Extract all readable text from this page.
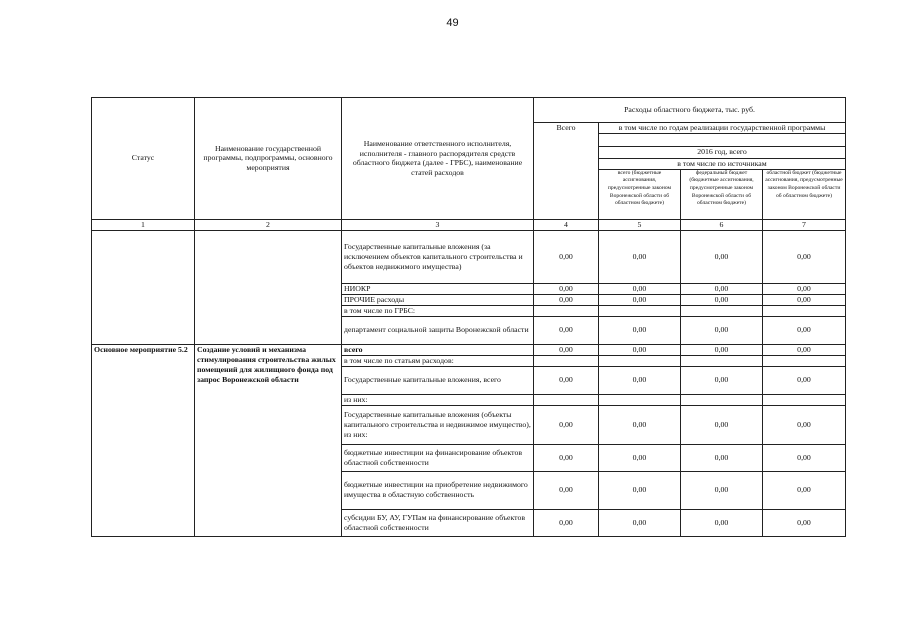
49
Статус	Наименование государственной программы, подпрограммы, основного мероприятия	Наименование ответственного исполнителя, исполнителя - главного распорядителя средств областного бюджета (далее - ГРБС), наименование статей расходов	Расходы областного бюджета, тыс. руб.			
			Всего	в том числе по годам реализации государственной программы		

				2016 год, всего		
				в том числе по источникам		
				всего (бюджетные ассигнования, предусмотренные законом Воронежской области об областном бюджете)	федеральный бюджет (бюджетные ассигнования, предусмотренные законом Воронежской области об областном бюджете)	областной бюджет (бюджетные ассигнования, предусмотренные законом Воронежской области об областном бюджете)
1	2	3	4	5	6	7
		Государственные капитальные вложения (за исключением объектов капитального строительства и объектов недвижимого имущества)	0,00	0,00	0,00	0,00
		НИОКР	0,00	0,00	0,00	0,00
		ПРОЧИЕ расходы	0,00	0,00	0,00	0,00
		в том числе по ГРБС:				
		департамент социальной защиты Воронежской области	0,00	0,00	0,00	0,00
Основное мероприятие 5.2	Создание условий и механизма стимулирования строительства жилых помещений для жилищного фонда под запрос Воронежской области	всего	0,00	0,00	0,00	0,00
		в том числе по статьям расходов:				
		Государственные капитальные вложения, всего	0,00	0,00	0,00	0,00
		из них:				
		Государственные капитальные вложения (объекты капитального строительства и недвижимое имущество), из них:	0,00	0,00	0,00	0,00
		бюджетные инвестиции на финансирование объектов областной собственности	0,00	0,00	0,00	0,00
		бюджетные инвестиции на приобретение недвижимого имущества в областную собственность	0,00	0,00	0,00	0,00
		субсидии БУ, АУ, ГУПам на финансирование объектов областной собственности	0,00	0,00	0,00	0,00
